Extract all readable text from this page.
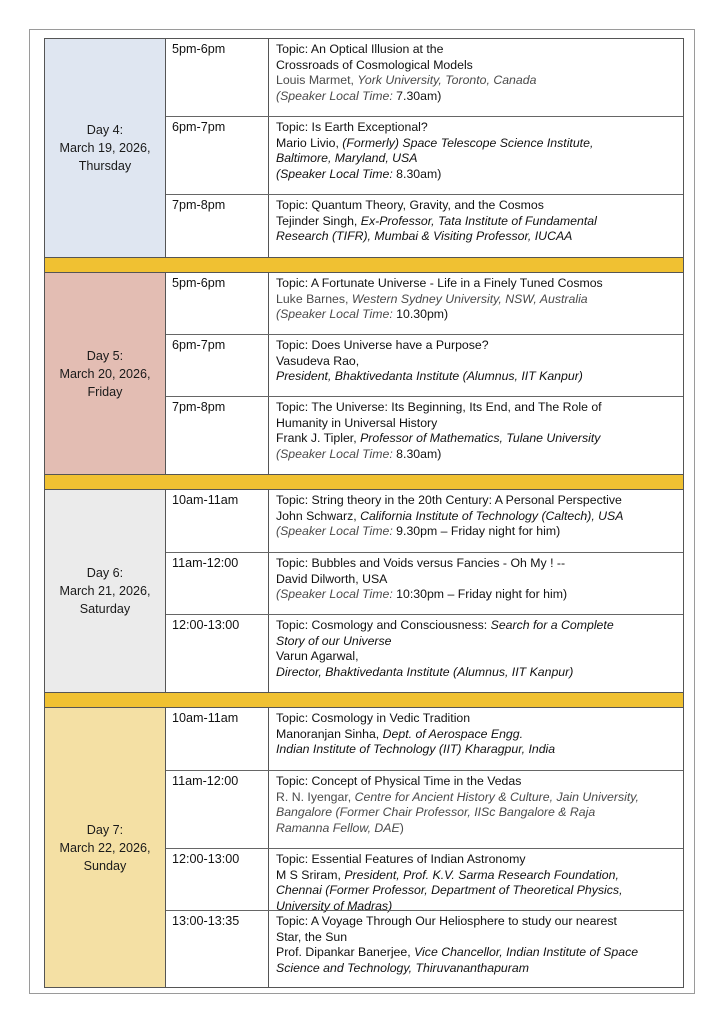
Day 4:
March 19, 2026,
Thursday
5pm-6pm	Topic: An Optical Illusion at the
Crossroads of Cosmological Models
Louis Marmet, York University, Toronto, Canada
(Speaker Local Time: 7.30am)
6pm-7pm	Topic: Is Earth Exceptional?
Mario Livio, (Formerly) Space Telescope Science Institute,
Baltimore, Maryland, USA
(Speaker Local Time: 8.30am)
7pm-8pm	Topic: Quantum Theory, Gravity, and the Cosmos
Tejinder Singh, Ex-Professor, Tata Institute of Fundamental
Research (TIFR), Mumbai & Visiting Professor, IUCAA
Day 5:
March 20, 2026,
Friday
5pm-6pm	Topic: A Fortunate Universe - Life in a Finely Tuned Cosmos
Luke Barnes, Western Sydney University, NSW, Australia
(Speaker Local Time: 10.30pm)
6pm-7pm	Topic: Does Universe have a Purpose?
Vasudeva Rao,
President, Bhaktivedanta Institute (Alumnus, IIT Kanpur)
7pm-8pm	Topic: The Universe: Its Beginning, Its End, and The Role of
Humanity in Universal History
Frank J. Tipler, Professor of Mathematics, Tulane University
(Speaker Local Time: 8.30am)
Day 6:
March 21, 2026,
Saturday
10am-11am	Topic: String theory in the 20th Century: A Personal Perspective
John Schwarz, California Institute of Technology (Caltech), USA
(Speaker Local Time: 9.30pm – Friday night for him)
11am-12:00	Topic: Bubbles and Voids versus Fancies - Oh My ! --
David Dilworth, USA
(Speaker Local Time: 10:30pm – Friday night for him)
12:00-13:00	Topic: Cosmology and Consciousness: Search for a Complete
Story of our Universe
Varun Agarwal,
Director, Bhaktivedanta Institute (Alumnus, IIT Kanpur)
Day 7:
March 22, 2026,
Sunday
10am-11am	Topic: Cosmology in Vedic Tradition
Manoranjan Sinha, Dept. of Aerospace Engg.
Indian Institute of Technology (IIT) Kharagpur, India
11am-12:00	Topic: Concept of Physical Time in the Vedas
R. N. Iyengar, Centre for Ancient History & Culture, Jain University,
Bangalore (Former Chair Professor, IISc Bangalore & Raja
Ramanna Fellow, DAE)
12:00-13:00	Topic: Essential Features of Indian Astronomy
M S Sriram, President, Prof. K.V. Sarma Research Foundation,
Chennai (Former Professor, Department of Theoretical Physics,
University of Madras)
13:00-13:35	Topic: A Voyage Through Our Heliosphere to study our nearest
Star, the Sun
Prof. Dipankar Banerjee, Vice Chancellor, Indian Institute of Space
Science and Technology, Thiruvananthapuram
